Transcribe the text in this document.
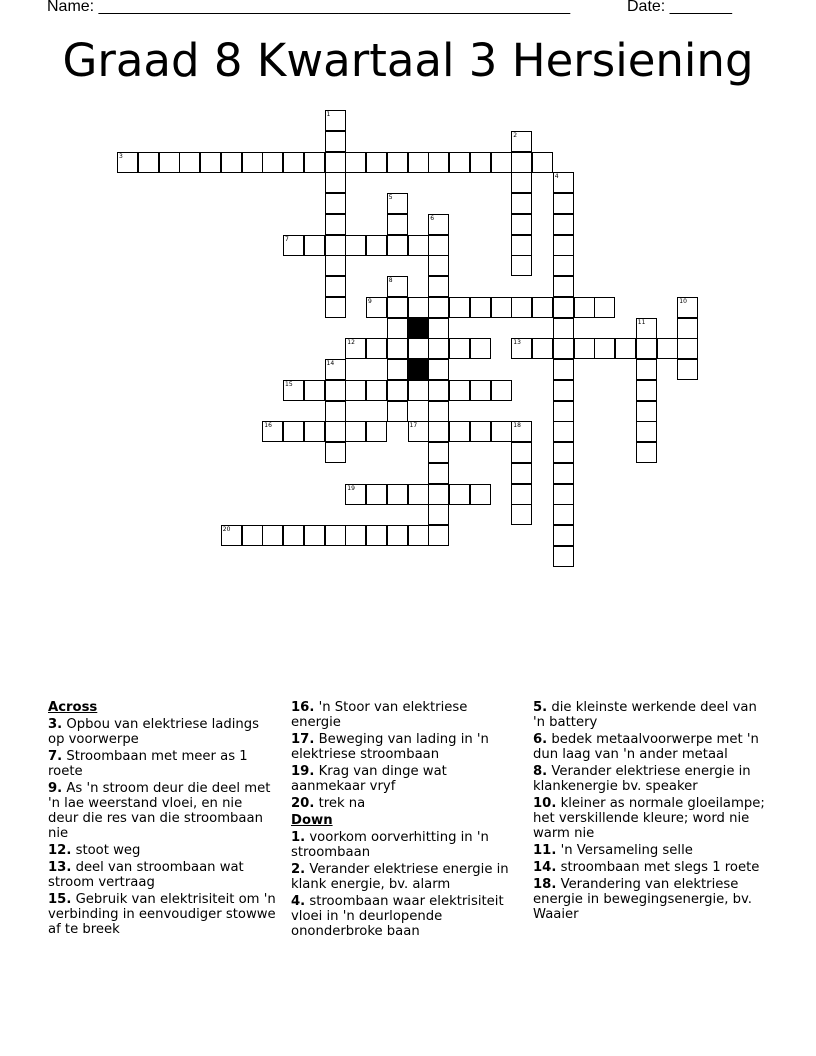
Name: _____________________________________________________	Date: _______
Graad 8 Kwartaal 3 Hersiening
1
2
3
4
5
6
7
8
9	10
11
12	13
14
15
16	17	18
19
20
Across
3. Opbou van elektriese ladings op voorwerpe
7. Stroombaan met meer as 1 roete
9. As 'n stroom deur die deel met 'n lae weerstand vloei, en nie deur die res van die stroombaan nie
12. stoot weg
13. deel van stroombaan wat stroom vertraag
15. Gebruik van elektrisiteit om 'n verbinding in eenvoudiger stowwe af te breek
16. 'n Stoor van elektriese energie
17. Beweging van lading in 'n elektriese stroombaan
19. Krag van dinge wat aanmekaar vryf
20. trek na
Down
1. voorkom oorverhitting in 'n stroombaan
2. Verander elektriese energie in klank energie, bv. alarm
4. stroombaan waar elektrisiteit vloei in 'n deurlopende ononderbroke baan
5. die kleinste werkende deel van 'n battery
6. bedek metaalvoorwerpe met 'n dun laag van 'n ander metaal
8. Verander elektriese energie in klankenergie bv. speaker
10. kleiner as normale gloeilampe; het verskillende kleure; word nie warm nie
11. 'n Versameling selle
14. stroombaan met slegs 1 roete
18. Verandering van elektriese energie in bewegingsenergie, bv. Waaier
